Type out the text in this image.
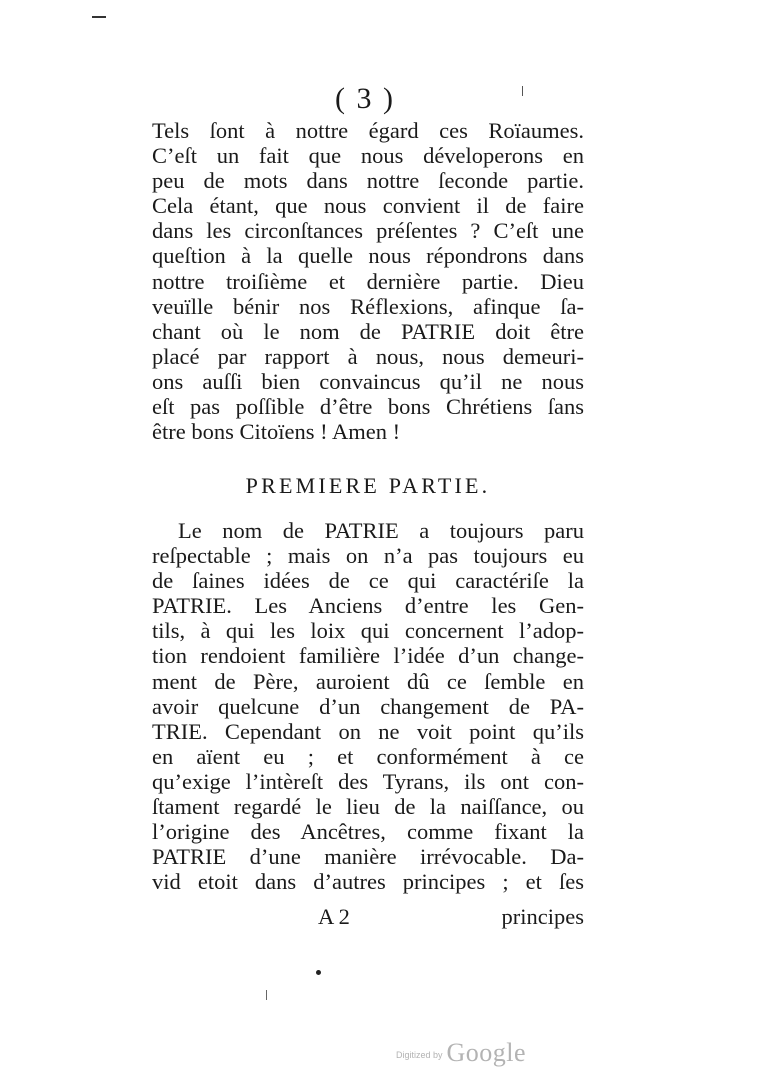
( 3 )
Tels ſont à nottre égard ces Roïaumes.
C’eſt un fait que nous déveloperons en
peu de mots dans nottre ſeconde partie.
Cela étant, que nous convient il de faire
dans les circonſtances préſentes ? C’eſt une
queſtion à la quelle nous répondrons dans
nottre troiſième et dernière partie. Dieu
veuïlle bénir nos Réflexions, afinque ſa-
chant où le nom de PATRIE doit être
placé par rapport à nous, nous demeuri-
ons auſſi bien convaincus qu’il ne nous
eſt pas poſſible d’être bons Chrétiens ſans
être bons Citoïens ! Amen !
PREMIERE PARTIE.
Le nom de PATRIE a toujours paru
reſpectable ; mais on n’a pas toujours eu
de ſaines idées de ce qui caractériſe la
PATRIE. Les Anciens d’entre les Gen-
tils, à qui les loix qui concernent l’adop-
tion rendoient familière l’idée d’un change-
ment de Père, auroient dû ce ſemble en
avoir quelcune d’un changement de PA-
TRIE. Cependant on ne voit point qu’ils
en aïent eu ; et conformément à ce
qu’exige l’intèreſt des Tyrans, ils ont con-
ſtament regardé le lieu de la naiſſance, ou
l’origine des Ancêtres, comme fixant la
PATRIE d’une manière irrévocable. Da-
vid etoit dans d’autres principes ; et ſes
A 2	principes
Digitized by Google
